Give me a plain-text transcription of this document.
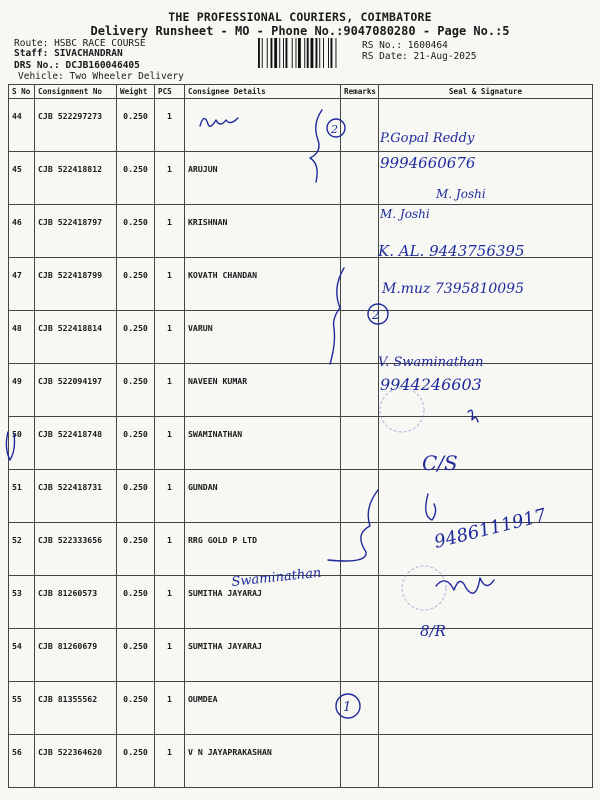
THE PROFESSIONAL COURIERS, COIMBATORE
Delivery Runsheet - MO - Phone No.:9047080280 - Page No.:5
Route: HSBC RACE COURSE
Staff: SIVACHANDRAN
DRS No.: DCJB160046405
Vehicle: Two Wheeler Delivery
RS No.: 1600464
RS Date: 21-Aug-2025
S No	Consignment No	Weight	PCS	Consignee Details	Remarks	Seal & Signature
44	CJB 522297273	0.250	1			
45	CJB 522418812	0.250	1	ARUJUN		
46	CJB 522418797	0.250	1	KRISHNAN		
47	CJB 522418799	0.250	1	KOVATH CHANDAN		
48	CJB 522418814	0.250	1	VARUN		
49	CJB 522094197	0.250	1	NAVEEN KUMAR		
50	CJB 522418748	0.250	1	SWAMINATHAN		
51	CJB 522418731	0.250	1	GUNDAN		
52	CJB 522333656	0.250	1	RRG GOLD P LTD		
53	CJB 81260573	0.250	1	SUMITHA JAYARAJ		
54	CJB 81260679	0.250	1	SUMITHA JAYARAJ		
55	CJB 81355562	0.250	1	OUMDEA		
56	CJB 522364620	0.250	1	V N JAYAPRAKASHAN		
P.Gopal Reddy
9994660676
M. Joshi
M. Joshi
K. AL. 9443756395
M.muz 7395810095
2
2
V. Swaminathan
9944246603
C/S
9486111917
Swaminathan
8/R
1
